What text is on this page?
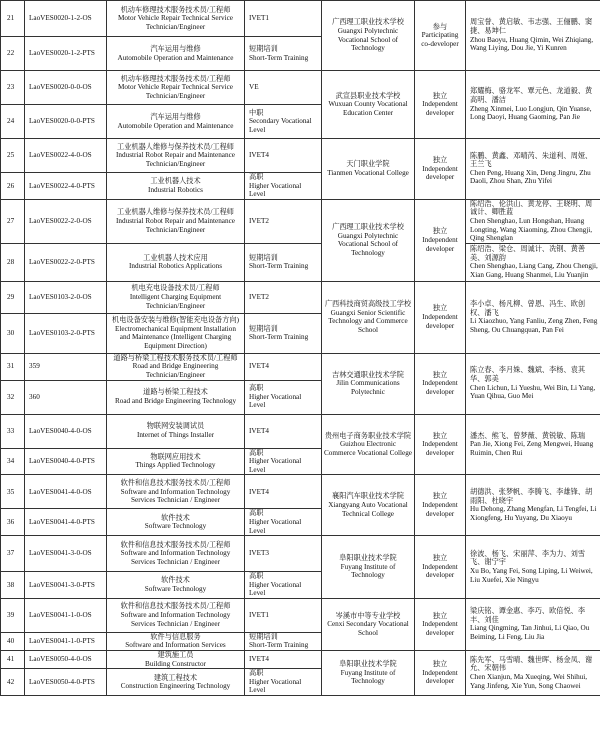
21	LaoVES0020-1-2-OS	机动车修理技术服务技术员/工程师
Motor Vehicle Repair Technical Service Technician/Engineer	IVET1	广西理工职业技术学校
Guangxi Polytechnic Vocational School of Technology	参与
Participating co-developer	周宝誉、黄启敏、韦志强、王俪鹏、窦捷、易坤仁
Zhou Baoyu, Huang Qimin, Wei Zhiqiang, Wang Liying, Dou Jie, Yi Kunren

22	LaoVES0020-1-2-PTS	汽车运用与维修
Automobile Operation and Maintenance	短期培训
Short-Term Training			

23	LaoVES0020-0-0-OS	机动车修理技术服务技术员/工程师
Motor Vehicle Repair Technical Service Technician/Engineer	VE	武宣县职业技术学校
Wuxuan County Vocational Education Center	独立
Independent developer	郑耀梅、骆龙军、覃元色、龙道毅、黄高明、潘洁
Zheng Xinmei, Luo Longjun, Qin Yuanse, Long Daoyi, Huang Gaoming, Pan Jie

24	LaoVES0020-0-0-PTS	汽车运用与维修
Automobile Operation and Maintenance	中职
Secondary Vocational Level			

25	LaoVES0022-4-0-OS	工业机器人维修与保养技术员/工程师
Industrial Robot Repair and Maintenance Technician/Engineer	IVET4	天门职业学院
Tianmen Vocational College	独立
Independent developer	陈鹏、黄鑫、邓晴芮、朱道利、周娅、王兰飞
Chen Peng, Huang Xin, Deng Jingru, Zhu Daoli, Zhou Shan, Zhu Yifei

26	LaoVES0022-4-0-PTS	工业机器人技术
Industrial Robotics	高职
Higher Vocational Level			

27	LaoVES0022-2-0-OS	工业机器人维修与保养技术员/工程师
Industrial Robot Repair and Maintenance Technician/Engineer	IVET2	广西理工职业技术学校
Guangxi Polytechnic Vocational School of Technology	独立
Independent developer	陈绍浩、伦洪山、黄龙停、王晓明、周诚计、卿胜蓝
Chen Shenghao, Lun Hongshan, Huang Longting, Wang Xiaoming, Zhou Chengji, Qing Shenglan

28	LaoVES0022-2-0-PTS	工业机器人技术应用
Industrial Robotics Applications	短期培训
Short-Term Training			陈绍浩、梁仓、周诚计、冼钢、黄善美、刘源韵
Chen Shenghao, Liang Cang, Zhou Chengji, Xian Gang, Huang Shanmei, Liu Yuanjin

29	LaoVES0103-2-0-OS	机电充电设备技术员/工程师
Intelligent Charging Equipment Technician/Engineer	IVET2	广西科技商贸高级技工学校
Guangxi Senior Scientific Technology and Commerce School	独立
Independent developer	李小卓、杨凡柳、曾恩、冯生、欧创权、潘飞
Li Xiaozhuo, Yang Fanliu, Zeng Zhen, Feng Sheng, Ou Chuangquan, Pan Fei

30	LaoVES0103-2-0-PTS	机电设备安装与维修(智能充电设备方向)
Electromechanical Equipment Installation and Maintenance (Intelligent Charging Equipment Direction)	短期培训
Short-Term Training			

31	359	道路与桥梁工程技术服务技术员/工程师
Road and Bridge Engineering Technician/Engineer	IVET4	吉林交通职业技术学院
Jilin Communications Polytechnic	独立
Independent developer	陈立春、李月姝、魏斌、李杨、袁其华、郭美
Chen Lichun, Li Yueshu, Wei Bin, Li Yang, Yuan Qihua, Guo Mei

32	360	道路与桥梁工程技术
Road and Bridge Engineering Technology	高职
Higher Vocational Level			

33	LaoVES0040-4-0-OS	物联网安装调试员
Internet of Things Installer	IVET4	贵州电子商务职业技术学院
Guizhou Electronic Commerce Vocational College	独立
Independent developer	潘杰、熊飞、曾梦薇、黄锐敏、陈瑞
Pan Jie, Xiong Fei, Zeng Mengwei, Huang Ruimin, Chen Rui

34	LaoVES0040-4-0-PTS	物联网应用技术
Things Applied Technology	高职
Higher Vocational Level			

35	LaoVES0041-4-0-OS	软件和信息技术服务技术员/工程师
Software and Information Technology Services Technician / Engineer	IVET4	襄阳汽车职业技术学院
Xiangyang Auto Vocational Technical College	独立
Independent developer	胡德洪、张梦帆、李腾飞、李雄锋、胡雨阳、杜晓宇
Hu Dehong, Zhang Mengfan, Li Tengfei, Li Xiongfeng, Hu Yuyang, Du Xiaoyu

36	LaoVES0041-4-0-PTS	软件技术
Software Technology	高职
Higher Vocational Level			

37	LaoVES0041-3-0-OS	软件和信息技术服务技术员/工程师
Software and Information Technology Services Technician / Engineer	IVET3	阜阳职业技术学院
Fuyang Institute of Technology	独立
Independent developer	徐波、杨飞、宋丽萍、李为力、刘雪飞、谢宁宇
Xu Bo, Yang Fei, Song Liping, Li Weiwei, Liu Xuefei, Xie Ningyu

38	LaoVES0041-3-0-PTS	软件技术
Software Technology	高职
Higher Vocational Level			

39	LaoVES0041-1-0-OS	软件和信息技术服务技术员/工程师
Software and Information Technology Services Technician / Engineer	IVET1	岑溪市中等专业学校
Cenxi Secondary Vocational School	独立
Independent developer	梁庆铭、谭金惠、李巧、欧倍悦、李丰、刘佳
Liang Qingming, Tan Jinhui, Li Qiao, Ou Beiming, Li Feng, Liu Jia

40	LaoVES0041-1-0-PTS	软件与信息服务
Software and Information Services	短期培训
Short-Term Training			

41	LaoVES0050-4-0-OS	建筑施工员
Building Constructor	IVET4	阜阳职业技术学院
Fuyang Institute of Technology	独立
Independent developer	陈先军、马雪晴、魏世晖、杨金凤、谢允、宋朝伟
Chen Xianjun, Ma Xueqing, Wei Shihui, Yang Jinfeng, Xie Yun, Song Chaowei

42	LaoVES0050-4-0-PTS	建筑工程技术
Construction Engineering Technology	高职
Higher Vocational Level			
